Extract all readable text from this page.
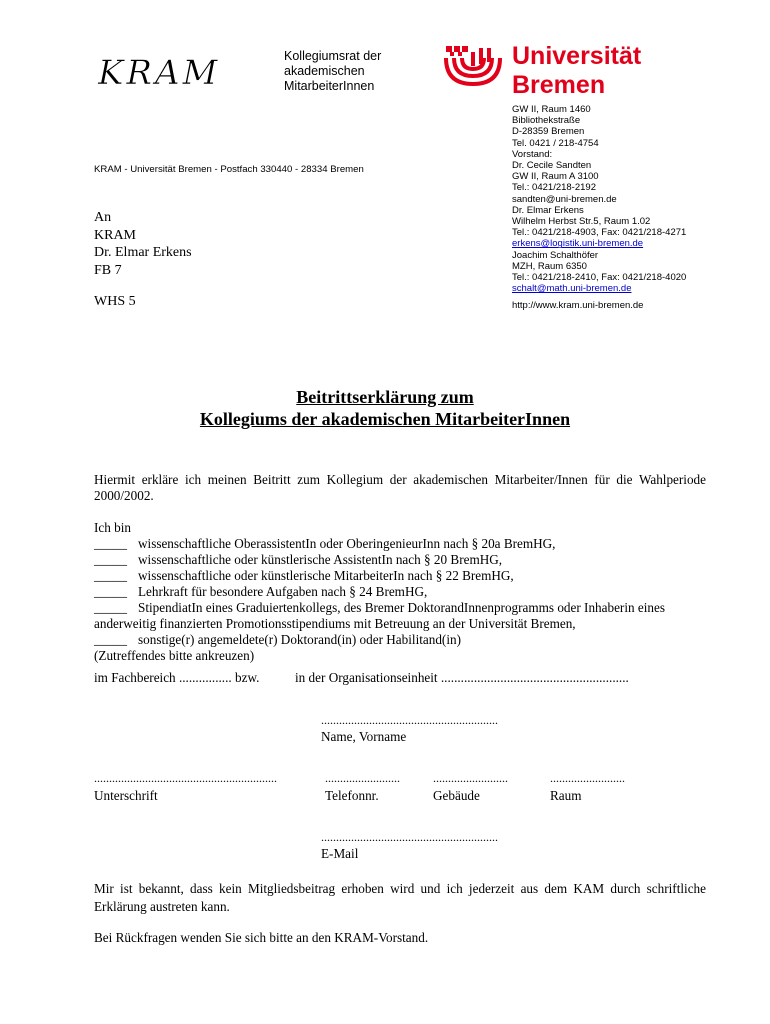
KRAM	Kollegiumsrat der
akademischen
MitarbeiterInnen
Universität
Bremen
KRAM - Universität Bremen - Postfach 330440 - 28334 Bremen
An
KRAM
Dr. Elmar Erkens
FB 7
WHS 5
GW II, Raum 1460
Bibliothekstraße
D-28359 Bremen
Tel. 0421 / 218-4754
Vorstand:
Dr. Cecile Sandten
GW II, Raum A 3100
Tel.: 0421/218-2192
sandten@uni-bremen.de
Dr. Elmar Erkens
Wilhelm Herbst Str.5, Raum 1.02
Tel.: 0421/218-4903, Fax: 0421/218-4271
erkens@logistik.uni-bremen.de
Joachim Schalthöfer
MZH, Raum 6350
Tel.: 0421/218-2410, Fax: 0421/218-4020
schalt@math.uni-bremen.de
http://www.kram.uni-bremen.de
Beitrittserklärung zum
Kollegiums der akademischen MitarbeiterInnen
Hiermit erkläre ich meinen Beitritt zum Kollegium der akademischen Mitarbeiter/Innen für die Wahlperiode 2000/2002.
Ich bin
_____ wissenschaftliche OberassistentIn oder OberingenieurInn nach § 20a BremHG,
_____ wissenschaftliche oder künstlerische AssistentIn nach § 20 BremHG,
_____ wissenschaftliche oder künstlerische MitarbeiterIn nach § 22 BremHG,
_____ Lehrkraft für besondere Aufgaben nach § 24 BremHG,
_____ StipendiatIn eines Graduiertenkollegs, des Bremer DoktorandInnenprogramms oder Inhaberin eines
anderweitig finanzierten Promotionsstipendiums mit Betreuung an der Universität Bremen,
_____ sonstige(r) angemeldete(r) Doktorand(in) oder Habilitand(in)
(Zutreffendes bitte ankreuzen)
im Fachbereich ................ bzw.	in der Organisationseinheit .........................................................
...........................................................
Name, Vorname
.............................................................	.........................	.........................	.........................
Unterschrift	Telefonnr.	Gebäude	Raum
...........................................................
E-Mail
Mir ist bekannt, dass kein Mitgliedsbeitrag erhoben wird und ich jederzeit aus dem KAM durch schriftliche Erklärung austreten kann.
Bei Rückfragen wenden Sie sich bitte an den KRAM-Vorstand.
